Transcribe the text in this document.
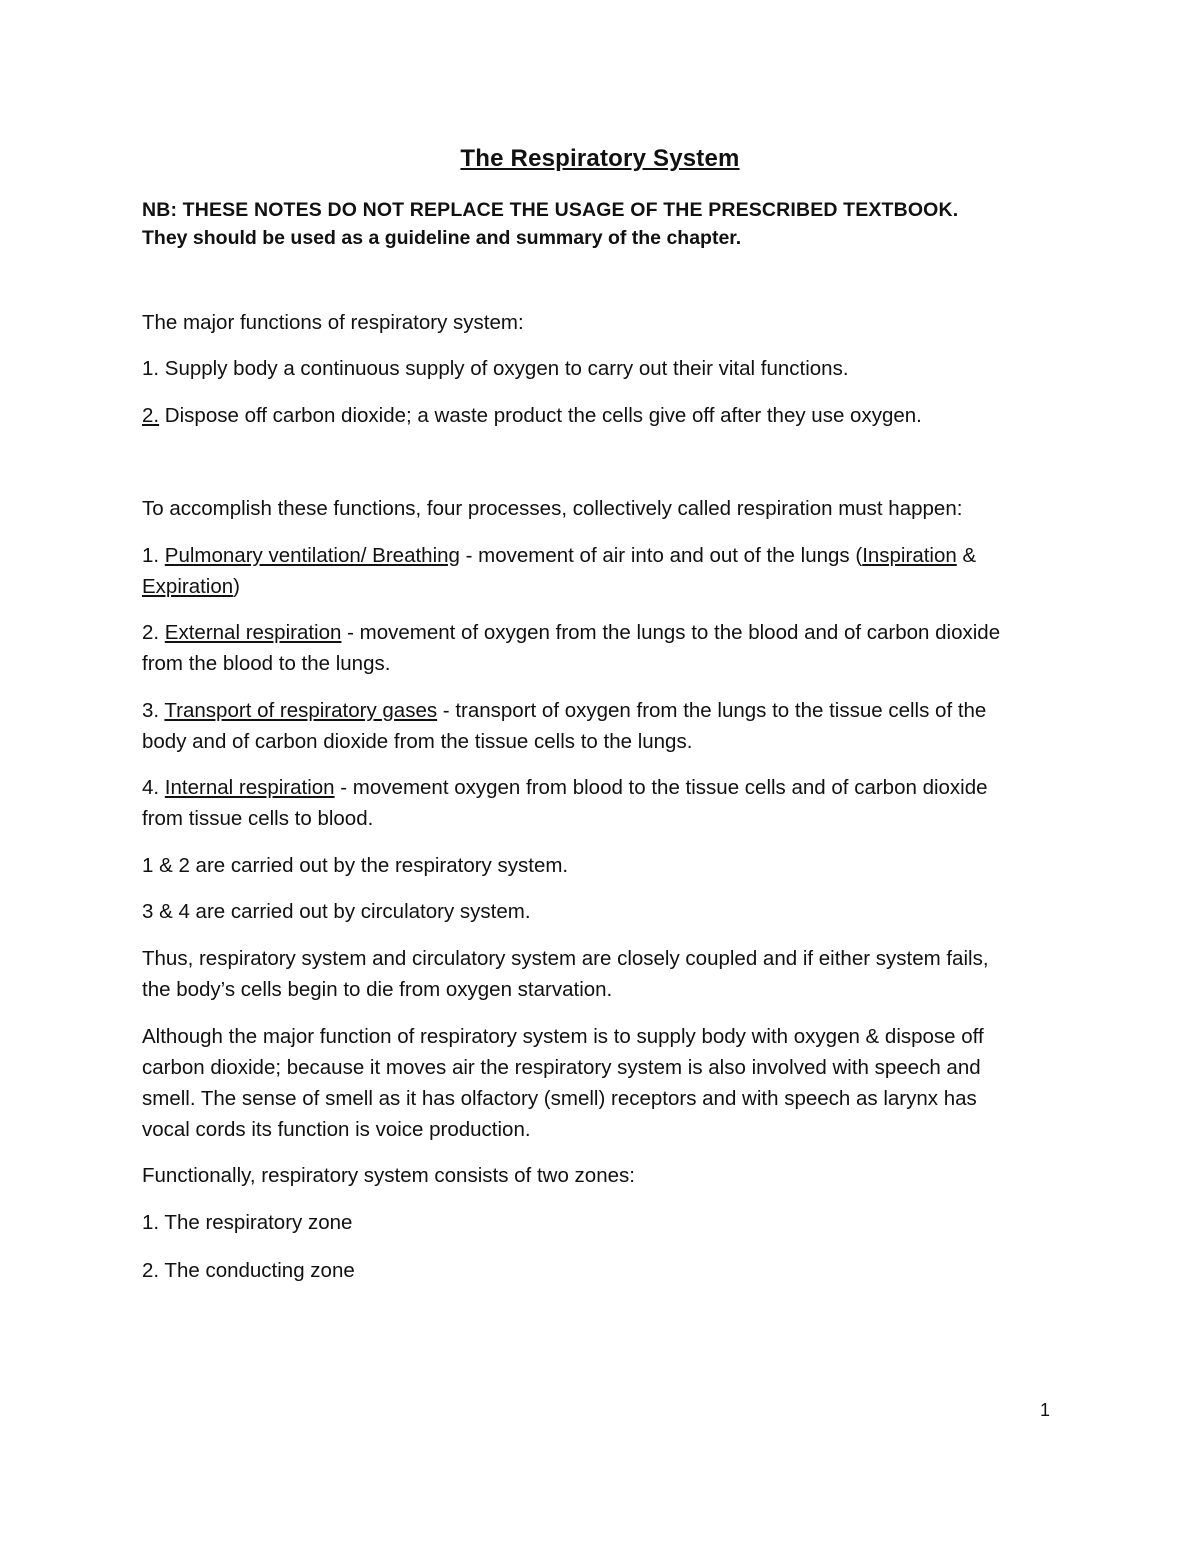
The Respiratory System
NB: THESE NOTES DO NOT REPLACE THE USAGE OF THE PRESCRIBED TEXTBOOK.
They should be used as a guideline and summary of the chapter.
The major functions of respiratory system:
1. Supply body a continuous supply of oxygen to carry out their vital functions.
2. Dispose off carbon dioxide; a waste product the cells give off after they use oxygen.
To accomplish these functions, four processes, collectively called respiration must happen:
1. Pulmonary ventilation/ Breathing - movement of air into and out of the lungs (Inspiration &
Expiration)
2. External respiration - movement of oxygen from the lungs to the blood and of carbon dioxide
from the blood to the lungs.
3. Transport of respiratory gases - transport of oxygen from the lungs to the tissue cells of the
body and of carbon dioxide from the tissue cells to the lungs.
4. Internal respiration - movement oxygen from blood to the tissue cells and of carbon dioxide
from tissue cells to blood.
1 & 2 are carried out by the respiratory system.
3 & 4 are carried out by circulatory system.
Thus, respiratory system and circulatory system are closely coupled and if either system fails,
the body’s cells begin to die from oxygen starvation.
Although the major function of respiratory system is to supply body with oxygen & dispose off
carbon dioxide; because it moves air the respiratory system is also involved with speech and
smell. The sense of smell as it has olfactory (smell) receptors and with speech as larynx has
vocal cords its function is voice production.
Functionally, respiratory system consists of two zones:
1. The respiratory zone
2. The conducting zone
1
